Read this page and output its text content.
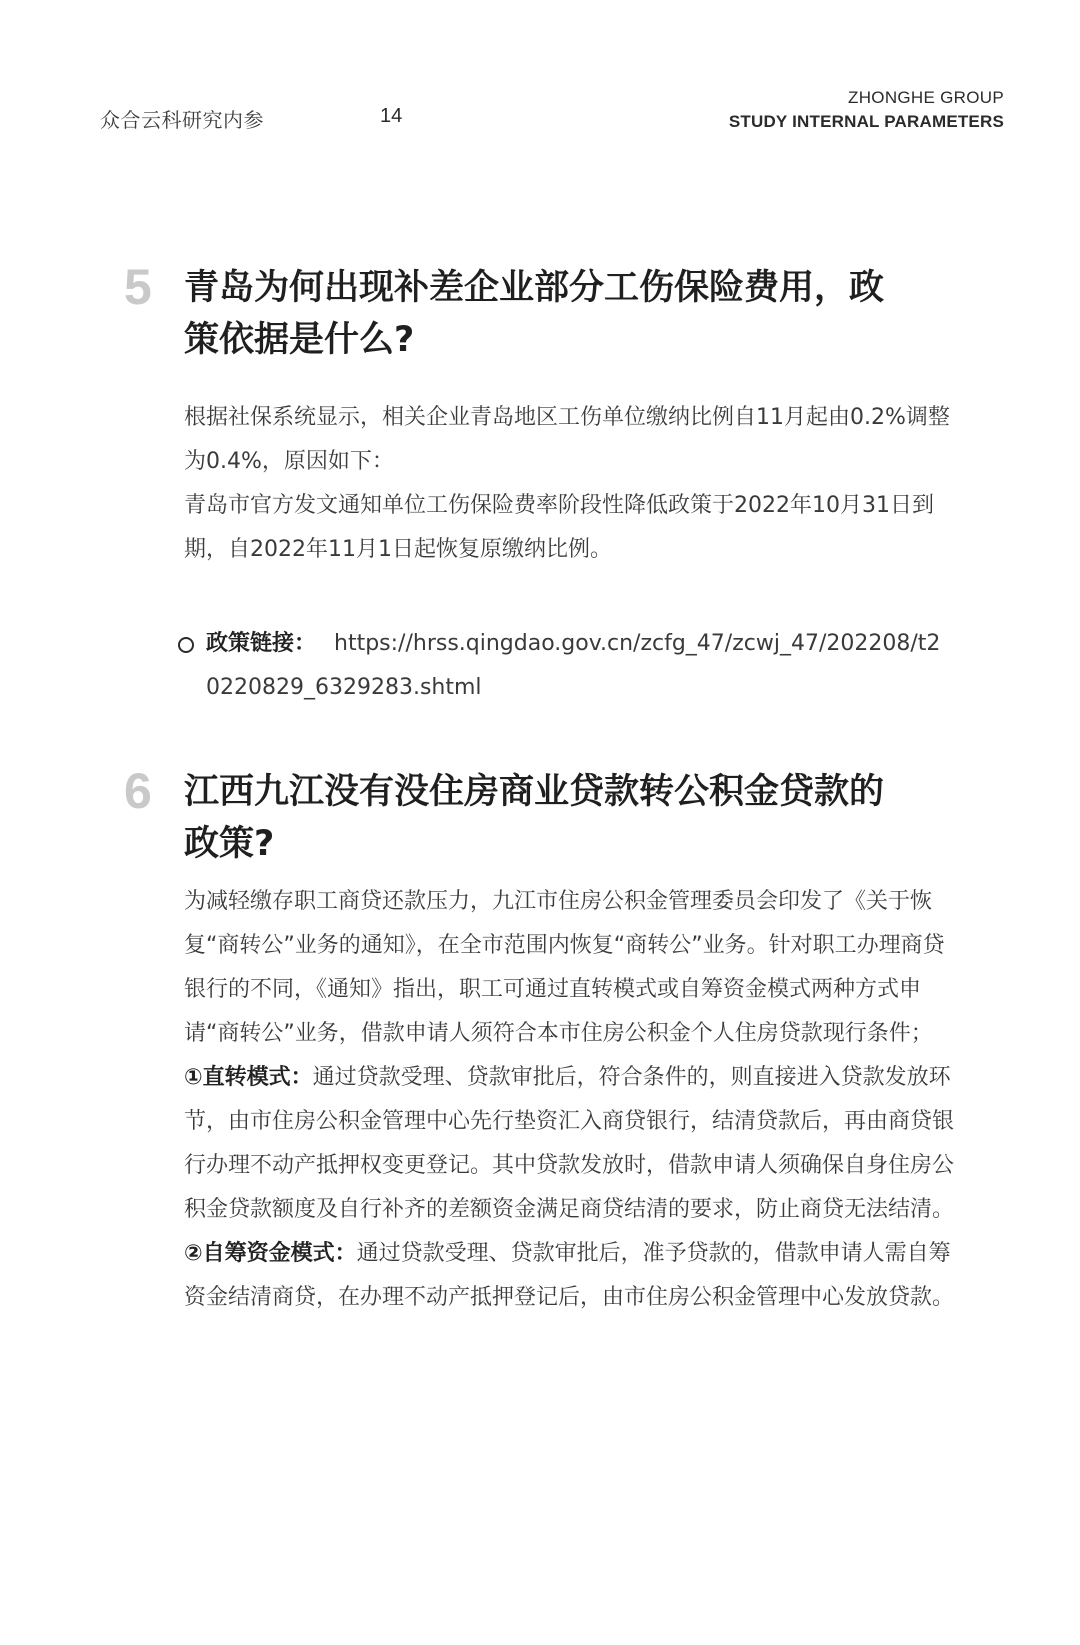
众合云科研究内参	14
ZHONGHE GROUP
STUDY INTERNAL PARAMETERS
5 青岛为何出现补差企业部分工伤保险费用，政
策依据是什么?

根据社保系统显示，相关企业青岛地区工伤单位缴纳比例自11月起由0.2%调整为0.4%，原因如下：

青岛市官方发文通知单位工伤保险费率阶段性降低政策于2022年10月31日到期，自2022年11月1日起恢复原缴纳比例。

政策链接： https://hrss.qingdao.gov.cn/zcfg_47/zcwj_47/202208/t20220829_6329283.shtml
6 江西九江没有没住房商业贷款转公积金贷款的
政策?

为减轻缴存职工商贷还款压力，九江市住房公积金管理委员会印发了《关于恢复“商转公”业务的通知》，在全市范围内恢复“商转公”业务。针对职工办理商贷银行的不同，《通知》指出，职工可通过直转模式或自筹资金模式两种方式申请“商转公”业务，借款申请人须符合本市住房公积金个人住房贷款现行条件；

①直转模式：通过贷款受理、贷款审批后，符合条件的，则直接进入贷款发放环节，由市住房公积金管理中心先行垫资汇入商贷银行，结清贷款后，再由商贷银行办理不动产抵押权变更登记。其中贷款发放时，借款申请人须确保自身住房公积金贷款额度及自行补齐的差额资金满足商贷结清的要求，防止商贷无法结清。

②自筹资金模式：通过贷款受理、贷款审批后，准予贷款的，借款申请人需自筹资金结清商贷，在办理不动产抵押登记后，由市住房公积金管理中心发放贷款。
